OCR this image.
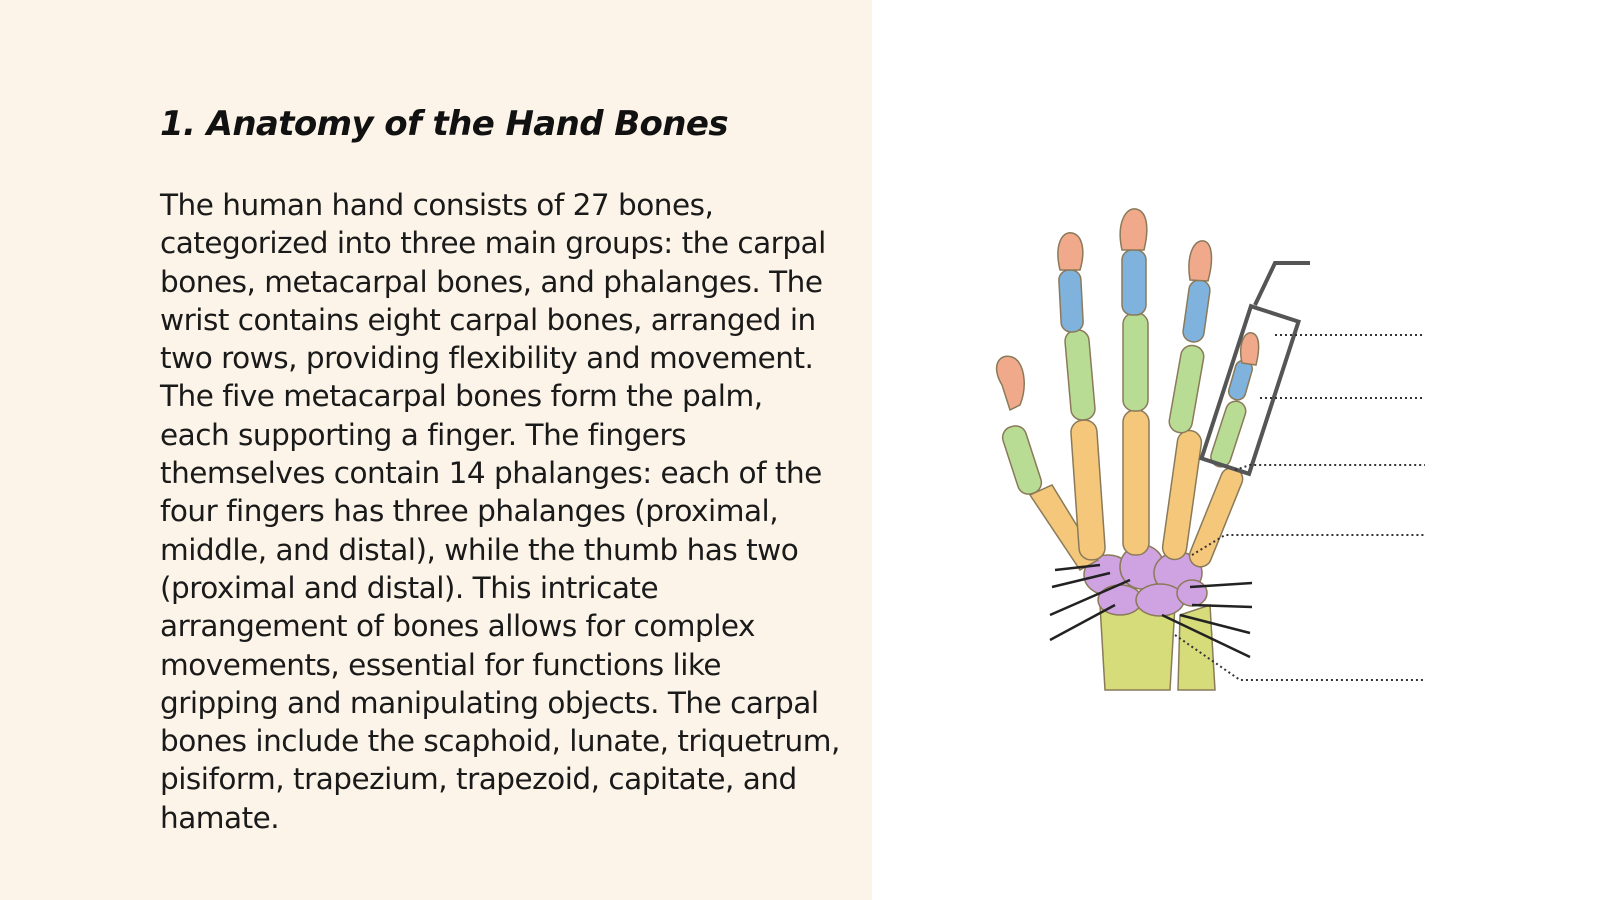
1. Anatomy of the Hand Bones

The human hand consists of 27 bones, categorized into three main groups: the carpal bones, metacarpal bones, and phalanges. The wrist contains eight carpal bones, arranged in two rows, providing flexibility and movement. The five metacarpal bones form the palm, each supporting a finger. The fingers themselves contain 14 phalanges: each of the four fingers has three phalanges (proximal, middle, and distal), while the thumb has two (proximal and distal). This intricate arrangement of bones allows for complex movements, essential for functions like gripping and manipulating objects. The carpal bones include the scaphoid, lunate, triquetrum, pisiform, trapezium, trapezoid, capitate, and hamate.
